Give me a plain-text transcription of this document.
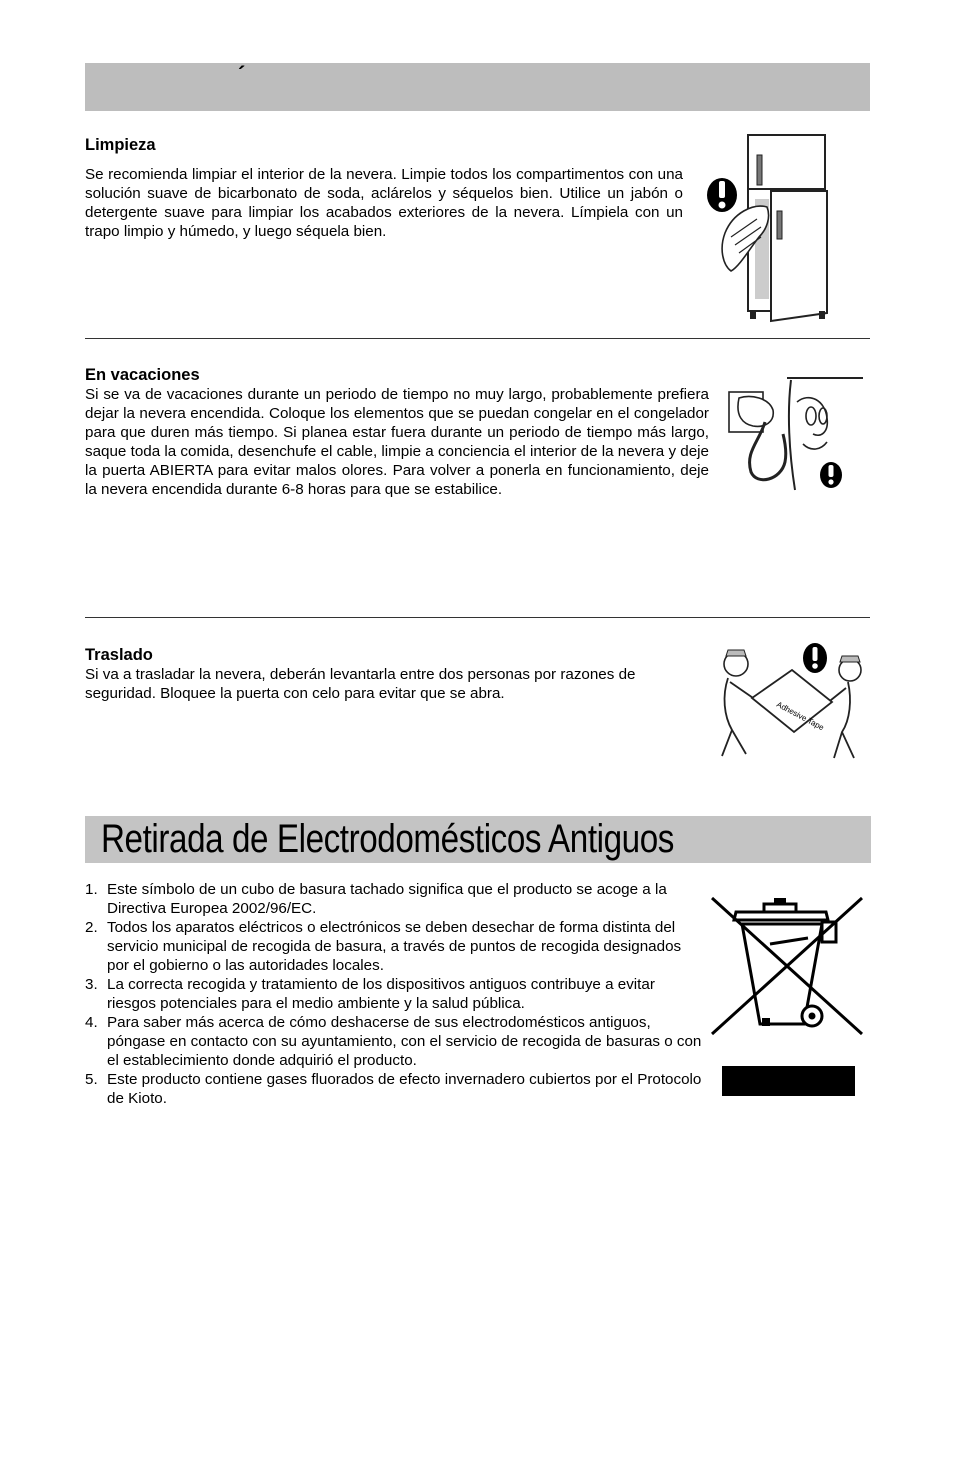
´
Limpieza
Se recomienda limpiar el interior de la nevera. Limpie todos los compartimentos con una solución suave de bicarbonato de soda, aclárelos y séquelos bien. Utilice un jabón o detergente suave para limpiar los acabados exteriores de la nevera. Límpiela con un trapo limpio y húmedo, y luego séquela bien.
En vacaciones
Si se va de vacaciones durante un periodo de tiempo no muy largo, probablemente prefiera dejar la nevera encendida. Coloque los elementos que se puedan congelar en el congelador para que duren más tiempo. Si planea estar fuera durante un periodo de tiempo más largo, saque toda la comida, desenchufe el cable, limpie a conciencia el interior de la nevera y deje la puerta ABIERTA para evitar malos olores. Para volver a ponerla en funcionamiento, deje la nevera encendida durante 6-8 horas para que se estabilice.
Traslado
Si va a trasladar la nevera, deberán levantarla entre dos personas por razones de seguridad. Bloquee la puerta con celo para evitar que se abra.
Adhesive Tape
Retirada de Electrodomésticos Antiguos
1. Este símbolo de un cubo de basura tachado significa que el producto se acoge a la Directiva Europea 2002/96/EC.
2. Todos los aparatos eléctricos o electrónicos se deben desechar de forma distinta del servicio municipal de recogida de basura, a través de puntos de recogida designados por el gobierno o las autoridades locales.
3. La correcta recogida y tratamiento de los dispositivos antiguos contribuye a evitar riesgos potenciales para el medio ambiente y la salud pública.
4. Para saber más acerca de cómo deshacerse de sus electrodomésticos antiguos, póngase en contacto con su ayuntamiento, con el servicio de recogida de basuras o con el establecimiento donde adquirió el producto.
5. Este producto contiene gases fluorados de efecto invernadero cubiertos por el Protocolo de Kioto.
